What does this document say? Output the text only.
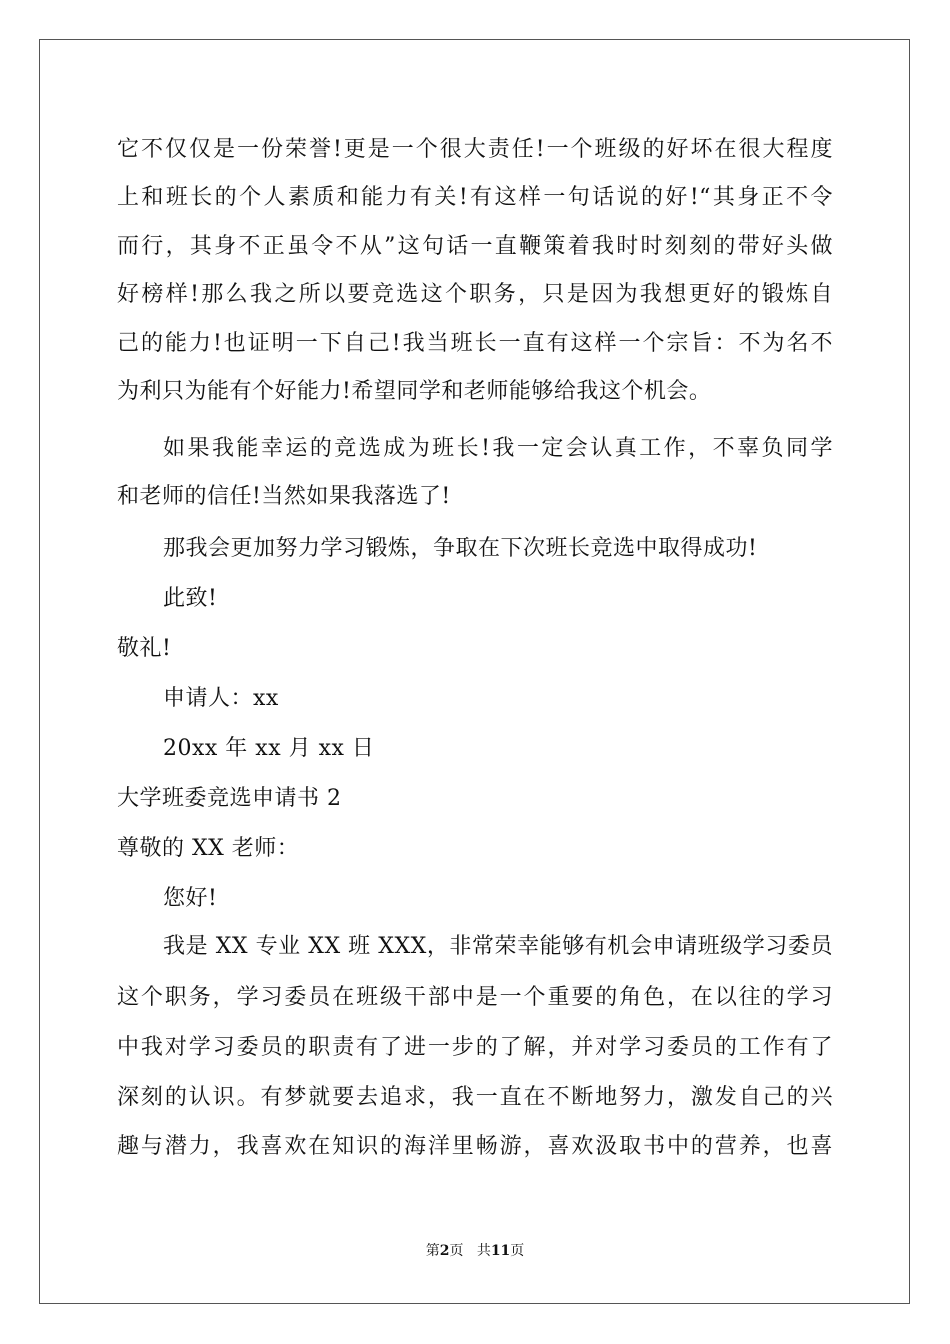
它不仅仅是一份荣誉!更是一个很大责任!一个班级的好坏在很大程度
上和班长的个人素质和能力有关!有这样一句话说的好!“其身正不令
而行，其身不正虽令不从”这句话一直鞭策着我时时刻刻的带好头做
好榜样!那么我之所以要竞选这个职务，只是因为我想更好的锻炼自
己的能力!也证明一下自己!我当班长一直有这样一个宗旨：不为名不
为利只为能有个好能力!希望同学和老师能够给我这个机会。
如果我能幸运的竞选成为班长!我一定会认真工作，不辜负同学
和老师的信任!当然如果我落选了!
那我会更加努力学习锻炼，争取在下次班长竞选中取得成功!
此致!
敬礼!
申请人：xx
20xx 年 xx 月 xx 日
大学班委竞选申请书 2
尊敬的 XX 老师：
您好!
我是 XX 专业 XX 班 XXX，非常荣幸能够有机会申请班级学习委员
这个职务，学习委员在班级干部中是一个重要的角色，在以往的学习
中我对学习委员的职责有了进一步的了解，并对学习委员的工作有了
深刻的认识。有梦就要去追求，我一直在不断地努力，激发自己的兴
趣与潜力，我喜欢在知识的海洋里畅游，喜欢汲取书中的营养，也喜
第2页 共11页
